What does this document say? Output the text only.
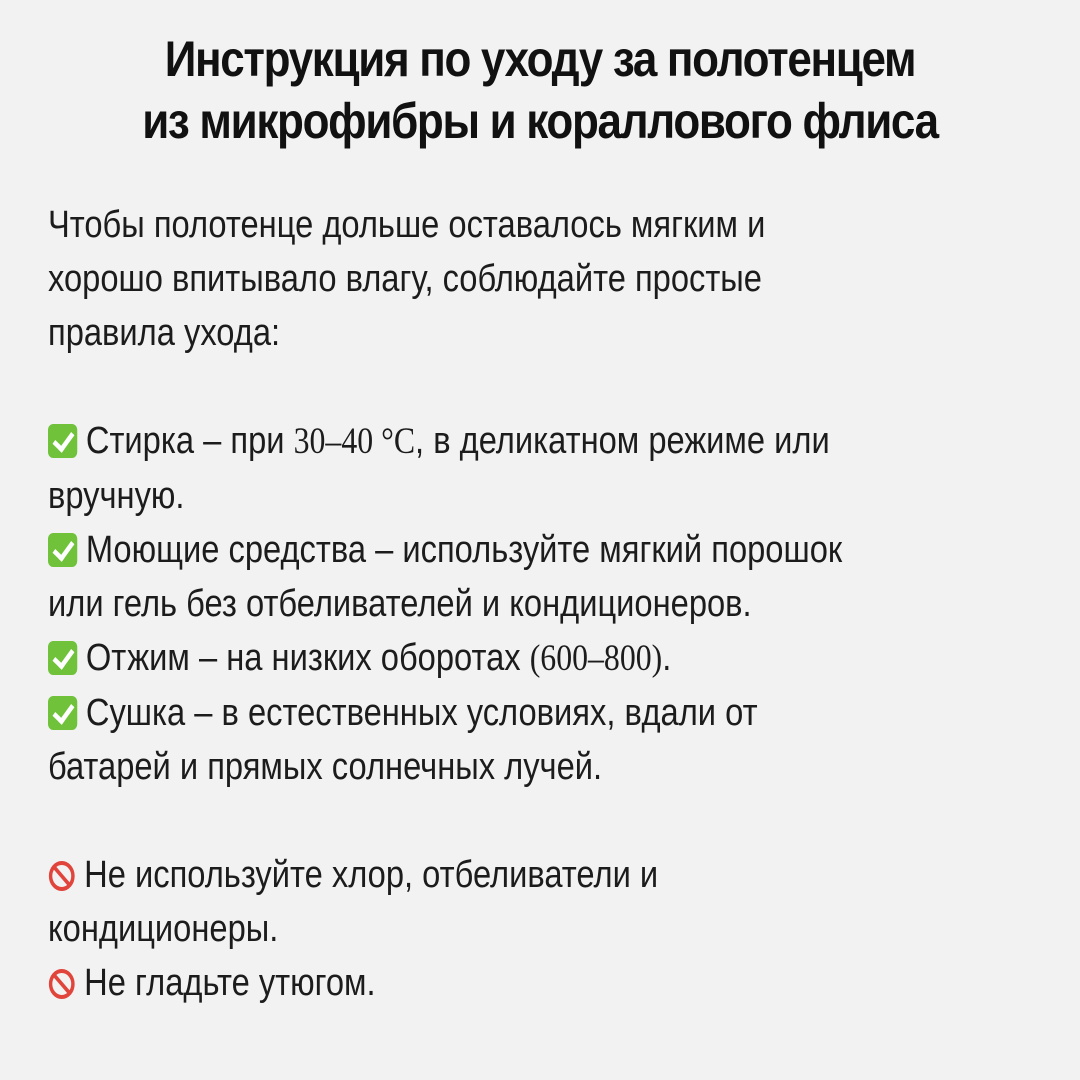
Инструкция по уходу за полотенцем
из микрофибры и кораллового флиса
Чтобы полотенце дольше оставалось мягким и
хорошо впитывало влагу, соблюдайте простые
правила ухода:
Стирка – при 30–40 °C, в деликатном режиме или
вручную.
Моющие средства – используйте мягкий порошок
или гель без отбеливателей и кондиционеров.
Отжим – на низких оборотах (600–800).
Сушка – в естественных условиях, вдали от
батарей и прямых солнечных лучей.
Не используйте хлор, отбеливатели и
кондиционеры.
Не гладьте утюгом.
